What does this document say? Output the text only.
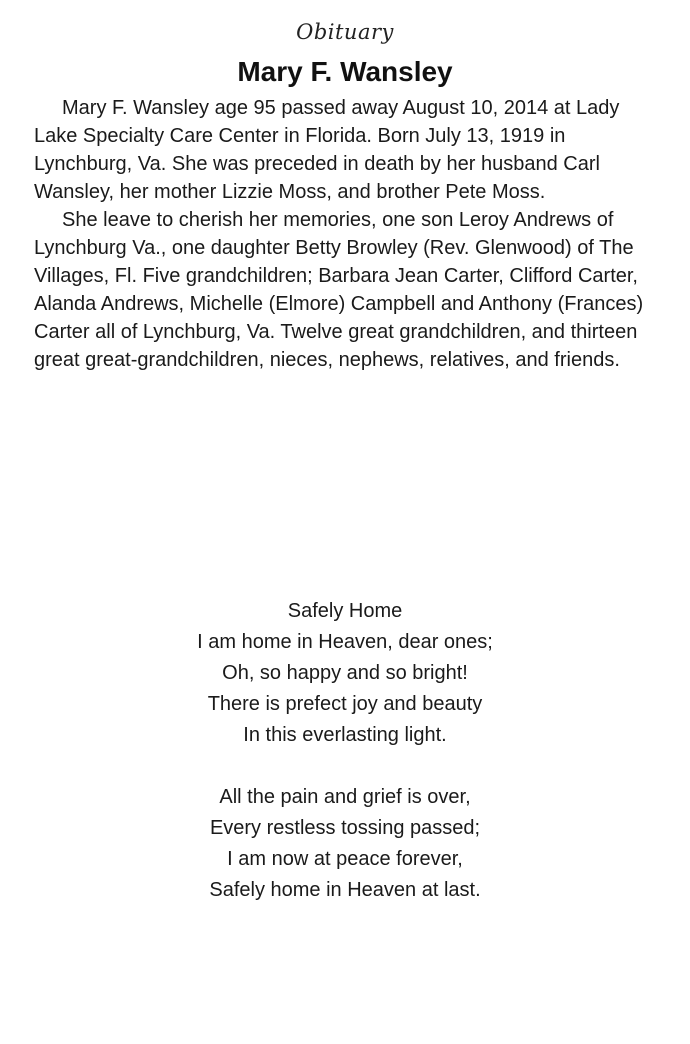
Obituary
Mary F. Wansley

Mary F. Wansley age 95 passed away August 10, 2014 at Lady Lake Specialty Care Center in Florida. Born July 13, 1919 in Lynchburg, Va. She was preceded in death by her husband Carl Wansley, her mother Lizzie Moss, and brother Pete Moss.

She leave to cherish her memories, one son Leroy Andrews of Lynchburg Va., one daughter Betty Browley (Rev. Glenwood) of The Villages, Fl. Five grandchildren; Barbara Jean Carter, Clifford Carter, Alanda Andrews, Michelle (Elmore) Campbell and Anthony (Frances) Carter all of Lynchburg, Va. Twelve great grandchildren, and thirteen great great-grandchildren, nieces, nephews, relatives, and friends.

Safely Home
I am home in Heaven, dear ones;
Oh, so happy and so bright!
There is prefect joy and beauty
In this everlasting light.
All the pain and grief is over,
Every restless tossing passed;
I am now at peace forever,
Safely home in Heaven at last.
